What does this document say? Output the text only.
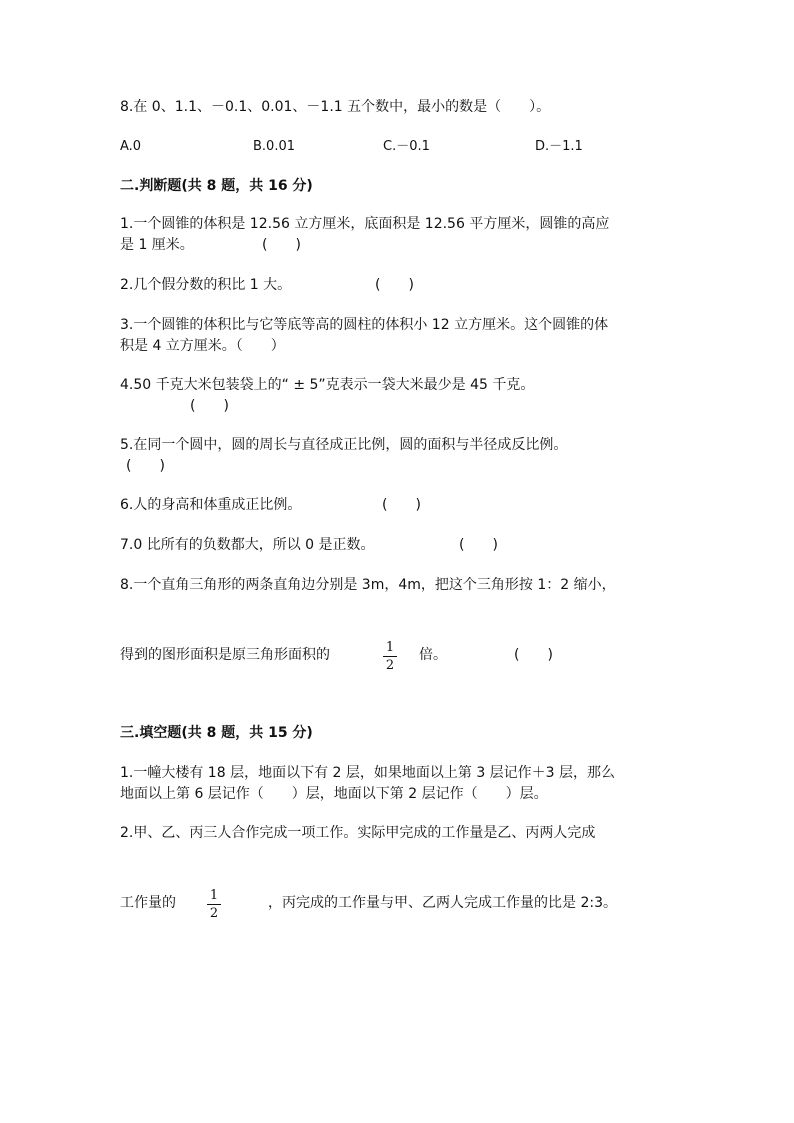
8.在 0、1.1、－0.1、0.01、－1.1 五个数中，最小的数是（　　）。
A.0	B.0.01	C.－0.1	D.－1.1
二.判断题(共 8 题，共 16 分)
1.一个圆锥的体积是 12.56 立方厘米，底面积是 12.56 平方厘米，圆锥的高应
是 1 厘米。	(　　)
2.几个假分数的积比 1 大。	(　　)
3.一个圆锥的体积比与它等底等高的圆柱的体积小 12 立方厘米。这个圆锥的体
积是 4 立方厘米。（　　）
4.50 千克大米包装袋上的“ ± 5”克表示一袋大米最少是 45 千克。
(　　)
5.在同一个圆中，圆的周长与直径成正比例，圆的面积与半径成反比例。
(　　)
6.人的身高和体重成正比例。	(　　)
7.0 比所有的负数都大，所以 0 是正数。	(　　)
8.一个直角三角形的两条直角边分别是 3m，4m，把这个三角形按 1：2 缩小，
得到的图形面积是原三角形面积的	1
2
倍。	(　　)
三.填空题(共 8 题，共 15 分)
1.一幢大楼有 18 层，地面以下有 2 层，如果地面以上第 3 层记作＋3 层，那么
地面以上第 6 层记作（　　）层，地面以下第 2 层记作（　　）层。
2.甲、乙、丙三人合作完成一项工作。实际甲完成的工作量是乙、丙两人完成
工作量的	1
2
，丙完成的工作量与甲、乙两人完成工作量的比是 2:3。
